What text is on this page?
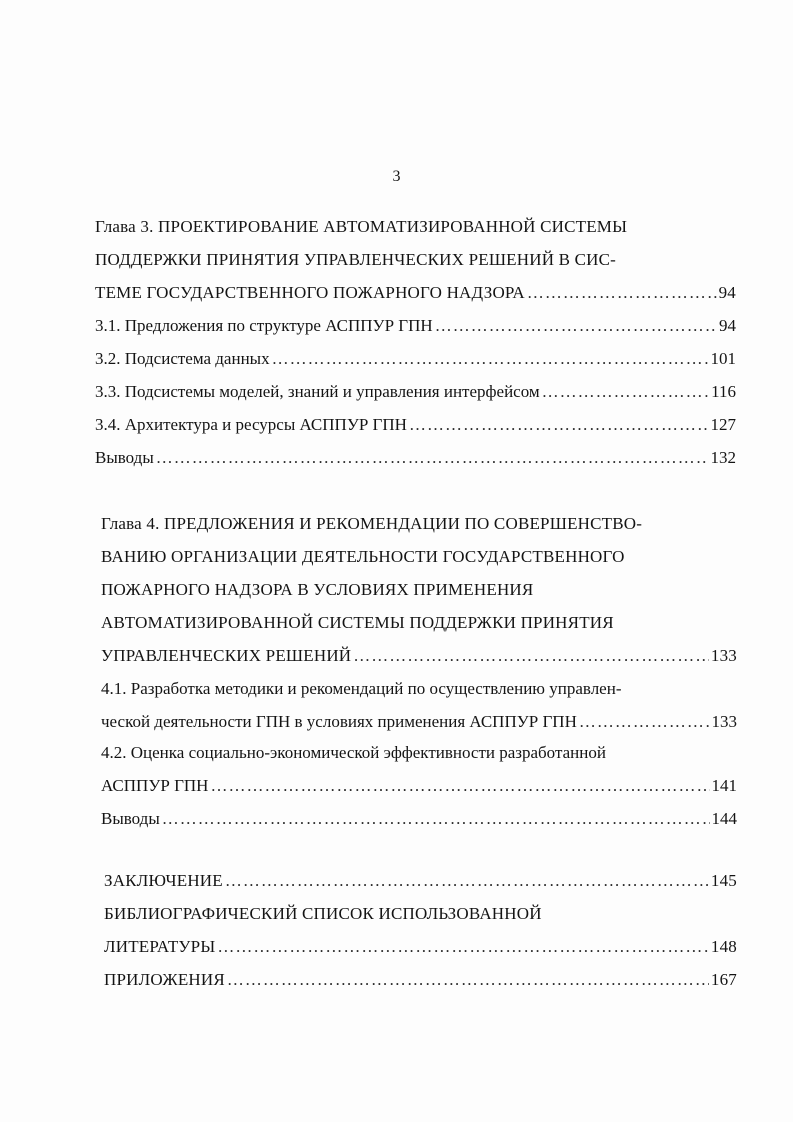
3
Глава 3. ПРОЕКТИРОВАНИЕ АВТОМАТИЗИРОВАННОЙ СИСТЕМЫ
ПОДДЕРЖКИ ПРИНЯТИЯ УПРАВЛЕНЧЕСКИХ РЕШЕНИЙ В СИС-
ТЕМЕ ГОСУДАРСТВЕННОГО ПОЖАРНОГО НАДЗОРА ……………………………………………………………………………………………………………………………………………………………	94
3.1. Предложения по структуре АСППУР ГПН ……………………………………………………………………………………………………………………………………………………………	94
3.2. Подсистема данных ……………………………………………………………………………………………………………………………………………………………	101
3.3. Подсистемы моделей, знаний и управления интерфейсом ……………………………………………………………………………………………………………………………………………………………	116
3.4. Архитектура и ресурсы АСППУР ГПН ……………………………………………………………………………………………………………………………………………………………	127
Выводы ……………………………………………………………………………………………………………………………………………………………	132
Глава 4. ПРЕДЛОЖЕНИЯ И РЕКОМЕНДАЦИИ ПО СОВЕРШЕНСТВО-
ВАНИЮ ОРГАНИЗАЦИИ ДЕЯТЕЛЬНОСТИ ГОСУДАРСТВЕННОГО
ПОЖАРНОГО НАДЗОРА В УСЛОВИЯХ ПРИМЕНЕНИЯ
АВТОМАТИЗИРОВАННОЙ СИСТЕМЫ ПОДДЕРЖКИ ПРИНЯТИЯ
УПРАВЛЕНЧЕСКИХ РЕШЕНИЙ ……………………………………………………………………………………………………………………………………………………………	133
4.1. Разработка методики и рекомендаций по осуществлению управлен-
ческой деятельности ГПН в условиях применения АСППУР ГПН ……………………………………………………………………………………………………………………………………………………………	133
4.2. Оценка социально-экономической эффективности разработанной
АСППУР ГПН ……………………………………………………………………………………………………………………………………………………………	141
Выводы ……………………………………………………………………………………………………………………………………………………………	144
ЗАКЛЮЧЕНИЕ ……………………………………………………………………………………………………………………………………………………………	145
БИБЛИОГРАФИЧЕСКИЙ СПИСОК ИСПОЛЬЗОВАННОЙ
ЛИТЕРАТУРЫ ……………………………………………………………………………………………………………………………………………………………	148
ПРИЛОЖЕНИЯ ……………………………………………………………………………………………………………………………………………………………	167
